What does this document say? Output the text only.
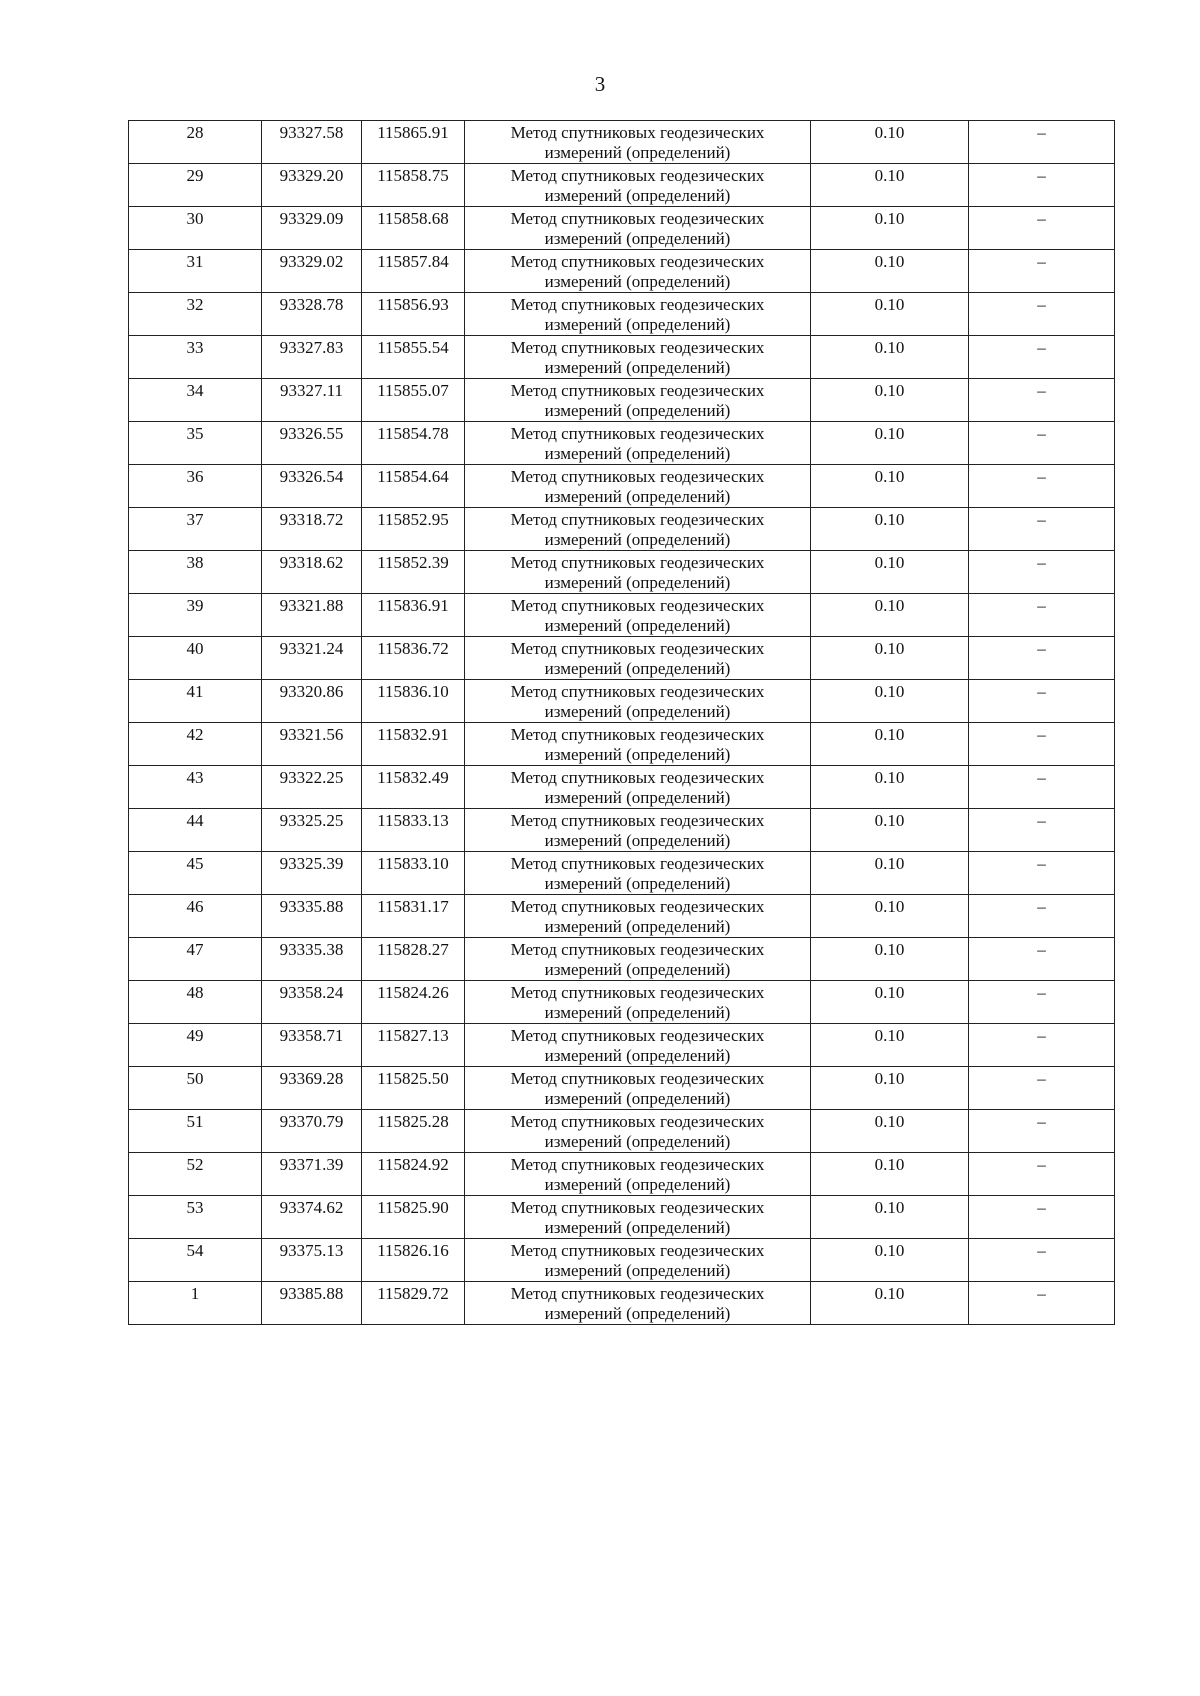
3
28	93327.58	115865.91	Метод спутниковых геодезических
измерений (определений)	0.10	–
29	93329.20	115858.75	Метод спутниковых геодезических
измерений (определений)	0.10	–
30	93329.09	115858.68	Метод спутниковых геодезических
измерений (определений)	0.10	–
31	93329.02	115857.84	Метод спутниковых геодезических
измерений (определений)	0.10	–
32	93328.78	115856.93	Метод спутниковых геодезических
измерений (определений)	0.10	–
33	93327.83	115855.54	Метод спутниковых геодезических
измерений (определений)	0.10	–
34	93327.11	115855.07	Метод спутниковых геодезических
измерений (определений)	0.10	–
35	93326.55	115854.78	Метод спутниковых геодезических
измерений (определений)	0.10	–
36	93326.54	115854.64	Метод спутниковых геодезических
измерений (определений)	0.10	–
37	93318.72	115852.95	Метод спутниковых геодезических
измерений (определений)	0.10	–
38	93318.62	115852.39	Метод спутниковых геодезических
измерений (определений)	0.10	–
39	93321.88	115836.91	Метод спутниковых геодезических
измерений (определений)	0.10	–
40	93321.24	115836.72	Метод спутниковых геодезических
измерений (определений)	0.10	–
41	93320.86	115836.10	Метод спутниковых геодезических
измерений (определений)	0.10	–
42	93321.56	115832.91	Метод спутниковых геодезических
измерений (определений)	0.10	–
43	93322.25	115832.49	Метод спутниковых геодезических
измерений (определений)	0.10	–
44	93325.25	115833.13	Метод спутниковых геодезических
измерений (определений)	0.10	–
45	93325.39	115833.10	Метод спутниковых геодезических
измерений (определений)	0.10	–
46	93335.88	115831.17	Метод спутниковых геодезических
измерений (определений)	0.10	–
47	93335.38	115828.27	Метод спутниковых геодезических
измерений (определений)	0.10	–
48	93358.24	115824.26	Метод спутниковых геодезических
измерений (определений)	0.10	–
49	93358.71	115827.13	Метод спутниковых геодезических
измерений (определений)	0.10	–
50	93369.28	115825.50	Метод спутниковых геодезических
измерений (определений)	0.10	–
51	93370.79	115825.28	Метод спутниковых геодезических
измерений (определений)	0.10	–
52	93371.39	115824.92	Метод спутниковых геодезических
измерений (определений)	0.10	–
53	93374.62	115825.90	Метод спутниковых геодезических
измерений (определений)	0.10	–
54	93375.13	115826.16	Метод спутниковых геодезических
измерений (определений)	0.10	–
1	93385.88	115829.72	Метод спутниковых геодезических
измерений (определений)	0.10	–
